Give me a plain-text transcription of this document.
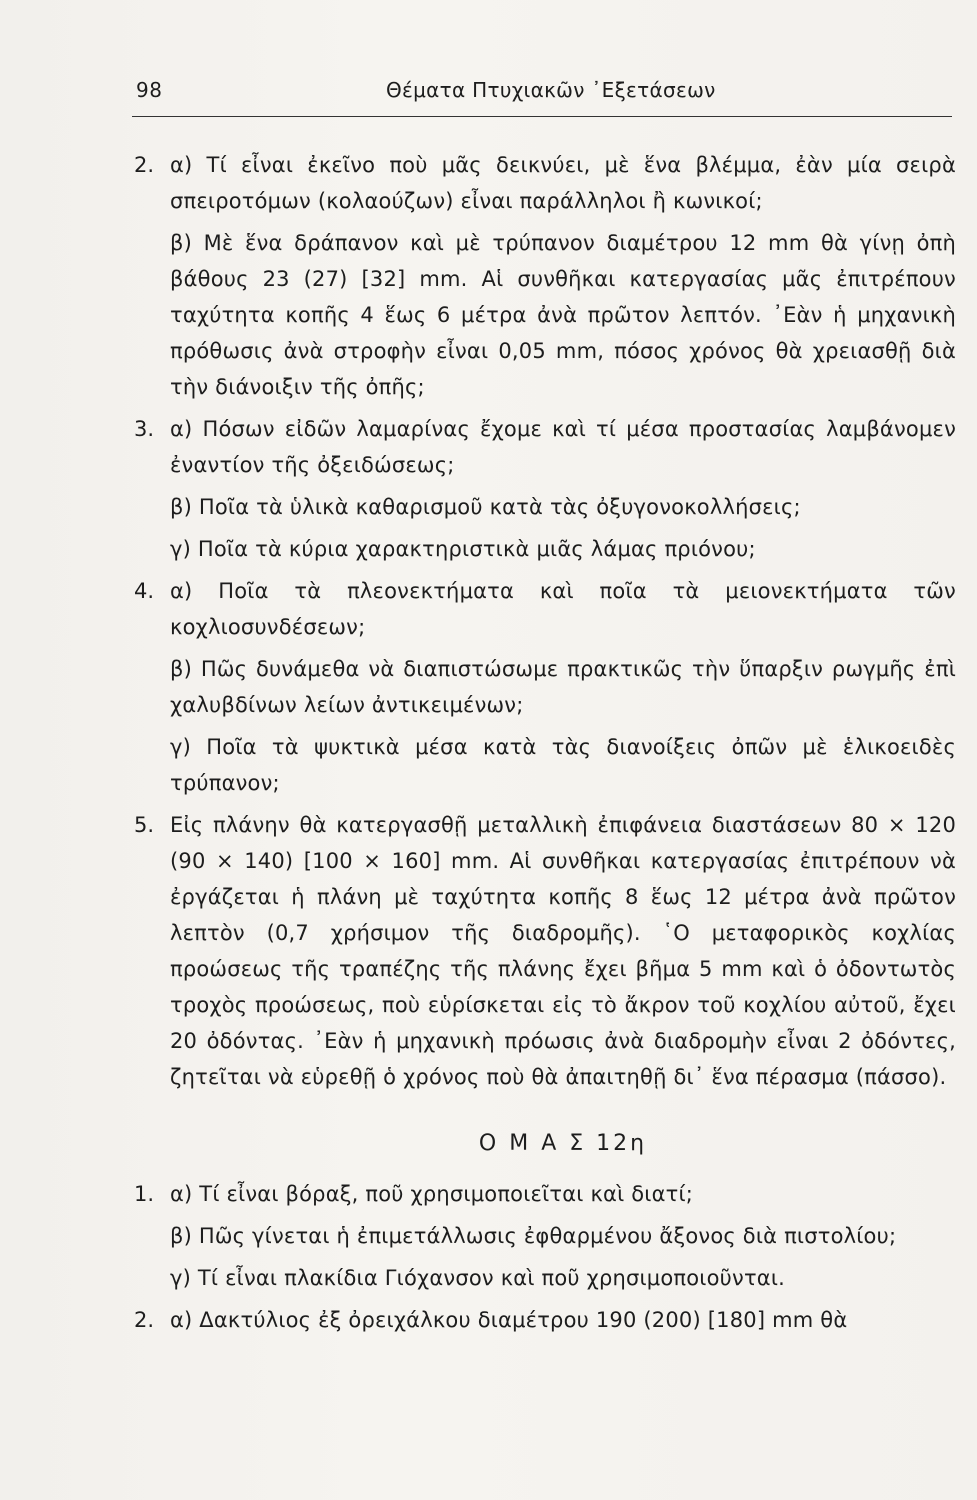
98	Θέματα Πτυχιακῶν ᾿Εξετάσεων
2. α) Τί εἶναι ἐκεῖνο ποὺ μᾶς δεικνύει, μὲ ἕνα βλέμμα, ἐὰν μία σειρὰ σπειροτόμων (κολαούζων) εἶναι παράλληλοι ἢ κωνικοί;
β) Μὲ ἕνα δράπανον καὶ μὲ τρύπανον διαμέτρου 12 mm θὰ γίνῃ ὀπὴ βάθους 23 (27) [32] mm. Αἱ συνθῆκαι κατεργασίας μᾶς ἐπιτρέπουν ταχύτητα κοπῆς 4 ἕως 6 μέτρα ἀνὰ πρῶτον λεπτόν. ᾿Εὰν ἡ μηχανικὴ πρόθωσις ἀνὰ στροφὴν εἶναι 0,05 mm, πόσος χρόνος θὰ χρειασθῇ διὰ τὴν διάνοιξιν τῆς ὀπῆς;
3. α) Πόσων εἰδῶν λαμαρίνας ἔχομε καὶ τί μέσα προστασίας λαμβάνομεν ἐναντίον τῆς ὀξειδώσεως;
β) Ποῖα τὰ ὑλικὰ καθαρισμοῦ κατὰ τὰς ὀξυγονοκολλήσεις;
γ) Ποῖα τὰ κύρια χαρακτηριστικὰ μιᾶς λάμας πριόνου;
4. α) Ποῖα τὰ πλεονεκτήματα καὶ ποῖα τὰ μειονεκτήματα τῶν κοχλιοσυνδέσεων;
β) Πῶς δυνάμεθα νὰ διαπιστώσωμε πρακτικῶς τὴν ὕπαρξιν ρωγμῆς ἐπὶ χαλυβδίνων λείων ἀντικειμένων;
γ) Ποῖα τὰ ψυκτικὰ μέσα κατὰ τὰς διανοίξεις ὀπῶν μὲ ἑλικοειδὲς τρύπανον;
5. Εἰς πλάνην θὰ κατεργασθῇ μεταλλικὴ ἐπιφάνεια διαστάσεων 80 × 120 (90 × 140) [100 × 160] mm. Αἱ συνθῆκαι κατεργασίας ἐπιτρέπουν νὰ ἐργάζεται ἡ πλάνη μὲ ταχύτητα κοπῆς 8 ἕως 12 μέτρα ἀνὰ πρῶτον λεπτὸν (0,7 χρήσιμον τῆς διαδρομῆς). ῾Ο μεταφορικὸς κοχλίας προώσεως τῆς τραπέζης τῆς πλάνης ἔχει βῆμα 5 mm καὶ ὁ ὀδοντωτὸς τροχὸς προώσεως, ποὺ εὑρίσκεται εἰς τὸ ἄκρον τοῦ κοχλίου αὐτοῦ, ἔχει 20 ὀδόντας. ᾿Εὰν ἡ μηχανικὴ πρόωσις ἀνὰ διαδρομὴν εἶναι 2 ὀδόντες, ζητεῖται νὰ εὑρεθῇ ὁ χρόνος ποὺ θὰ ἀπαιτηθῇ δι᾿ ἕνα πέρασμα (πάσσο).
Ο Μ Α Σ 12η
1. α) Τί εἶναι βόραξ, ποῦ χρησιμοποιεῖται καὶ διατί;
β) Πῶς γίνεται ἡ ἐπιμετάλλωσις ἐφθαρμένου ἄξονος διὰ πιστολίου;
γ) Τί εἶναι πλακίδια Γιόχανσον καὶ ποῦ χρησιμοποιοῦνται.
2. α) Δακτύλιος ἐξ ὀρειχάλκου διαμέτρου 190 (200) [180] mm θὰ
